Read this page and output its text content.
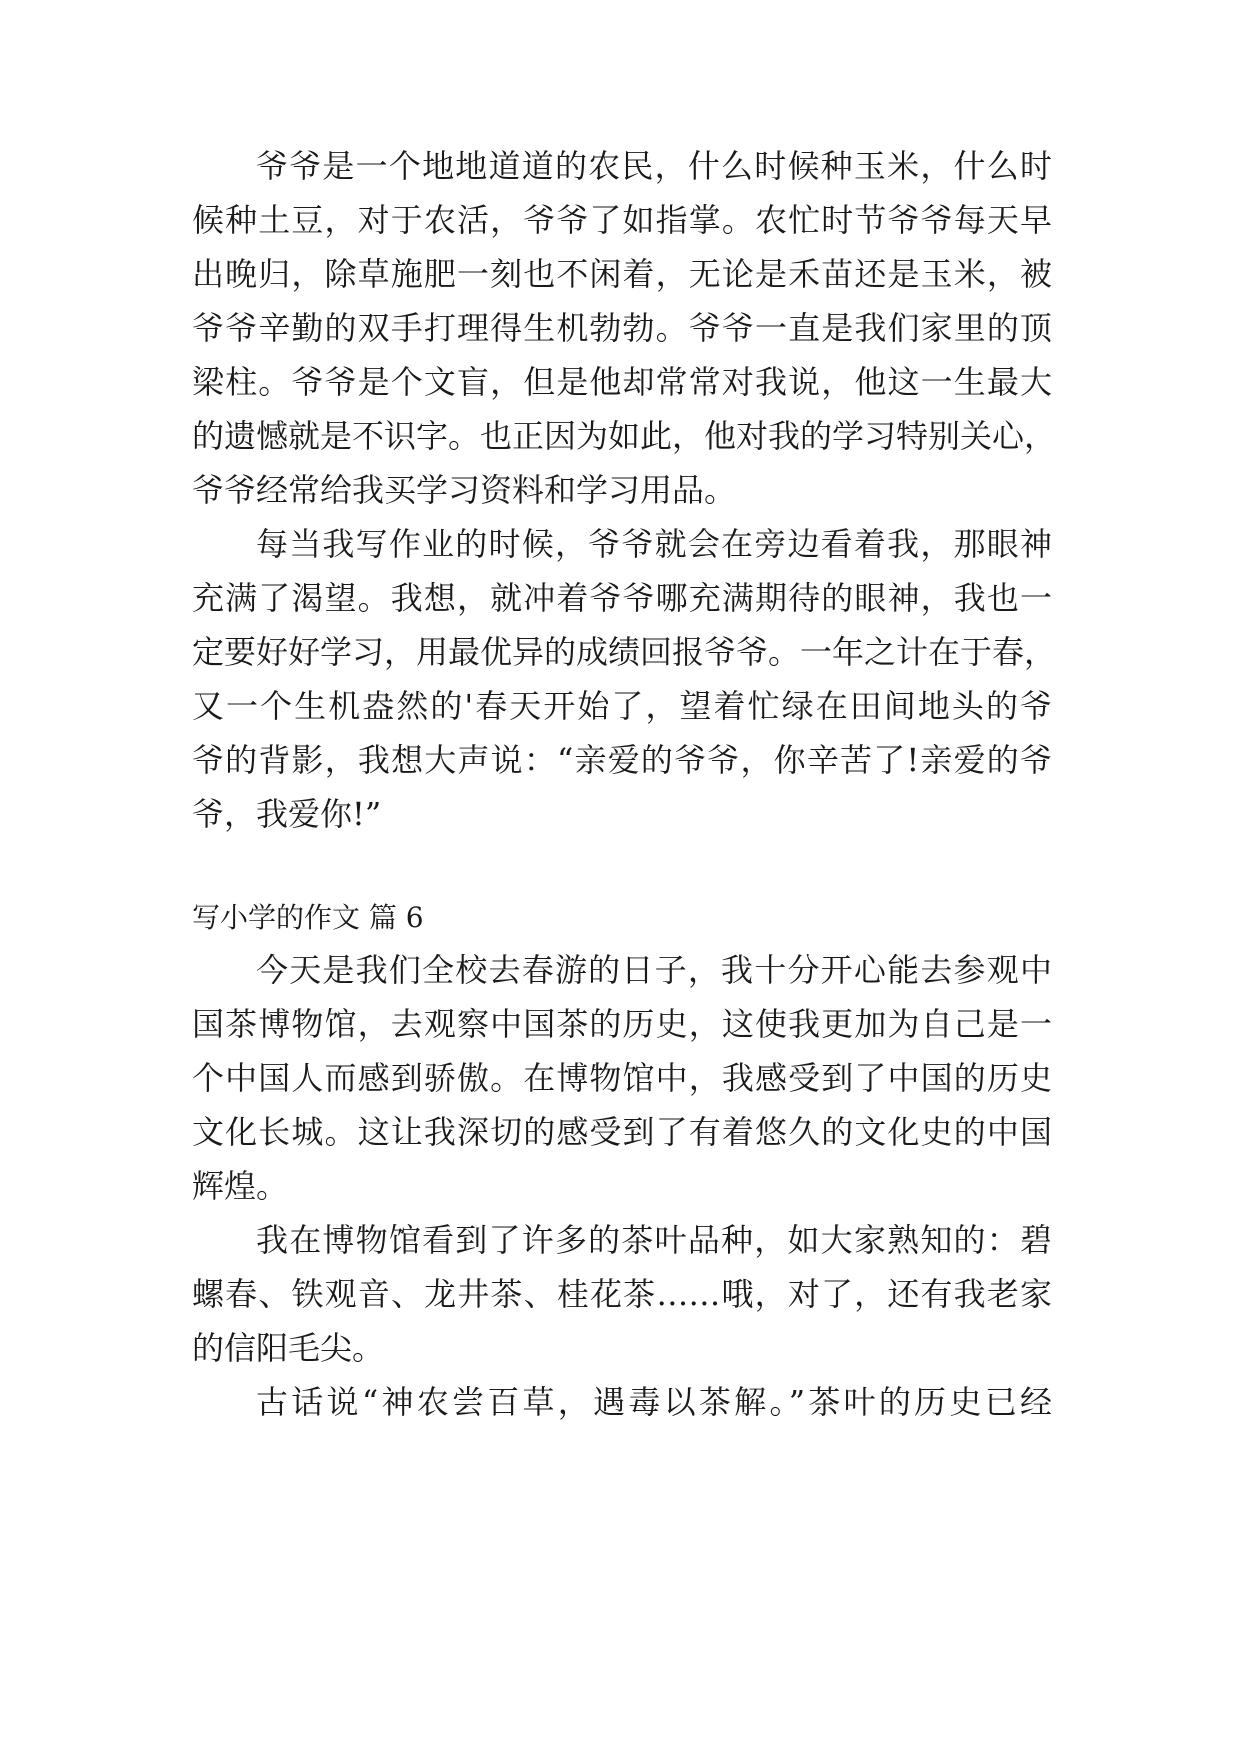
爷爷是一个地地道道的农民，什么时候种玉米，什么时
候种土豆，对于农活，爷爷了如指掌。农忙时节爷爷每天早
出晚归，除草施肥一刻也不闲着，无论是禾苗还是玉米，被
爷爷辛勤的双手打理得生机勃勃。爷爷一直是我们家里的顶
梁柱。爷爷是个文盲，但是他却常常对我说，他这一生最大
的遗憾就是不识字。也正因为如此，他对我的学习特别关心，
爷爷经常给我买学习资料和学习用品。
每当我写作业的时候，爷爷就会在旁边看着我，那眼神
充满了渴望。我想，就冲着爷爷哪充满期待的眼神，我也一
定要好好学习，用最优异的成绩回报爷爷。一年之计在于春，
又一个生机盎然的'春天开始了，望着忙绿在田间地头的爷
爷的背影，我想大声说：“亲爱的爷爷，你辛苦了!亲爱的爷
爷，我爱你!”
写小学的作文 篇 6
今天是我们全校去春游的日子，我十分开心能去参观中
国茶博物馆，去观察中国茶的历史，这使我更加为自己是一
个中国人而感到骄傲。在博物馆中，我感受到了中国的历史
文化长城。这让我深切的感受到了有着悠久的文化史的中国
辉煌。
我在博物馆看到了许多的茶叶品种，如大家熟知的：碧
螺春、铁观音、龙井茶、桂花茶……哦，对了，还有我老家
的信阳毛尖。
古话说“神农尝百草，遇毒以茶解。”茶叶的历史已经
